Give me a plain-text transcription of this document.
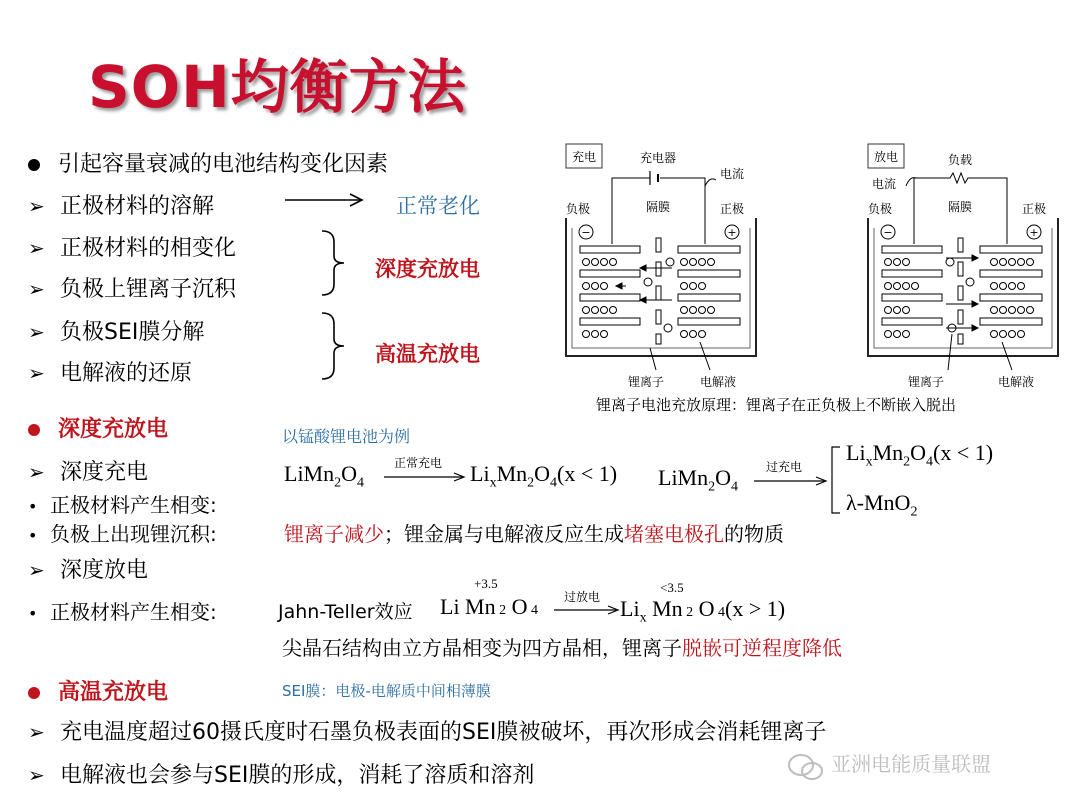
SOH均衡方法
引起容量衰减的电池结构变化因素
➢ 正极材料的溶解
➢ 正极材料的相变化
➢ 负极上锂离子沉积
➢ 负极SEI膜分解
➢ 电解液的还原
正常老化
深度充放电
高温充放电
充电	充电器
电流
负极	隔膜	正极
−	+
锂离子	电解液
放电	负载
电流
负极	隔膜	正极
−	+
锂离子	电解液
锂离子电池充放原理：锂离子在正负极上不断嵌入脱出
深度充放电	以锰酸锂电池为例
➢ 深度充电	$LiMn_2O_4$
正常充电 $Li_xMn_2O_4(x < 1)$ $LiMn_2O_4$
过充电
$Li_xMn_2O_4(x < 1)$
λ-MnO$_2$
• 正极材料产生相变:
• 负极上出现锂沉积:	锂离子减少；锂金属与电解液反应生成堵塞电极孔的物质
➢ 深度放电
• 正极材料产生相变:	Jahn-Teller效应 Li Mn 2 O 4
+3.5
过放电 $Li_x$ Mn 2 O 4(x > 1)
<3.5
尖晶石结构由立方晶相变为四方晶相，锂离子脱嵌可逆程度降低
高温充放电	SEI膜：电极-电解质中间相薄膜
➢ 充电温度超过60摄氏度时石墨负极表面的SEI膜被破坏，再次形成会消耗锂离子
➢ 电解液也会参与SEI膜的形成，消耗了溶质和溶剂	亚洲电能质量联盟
